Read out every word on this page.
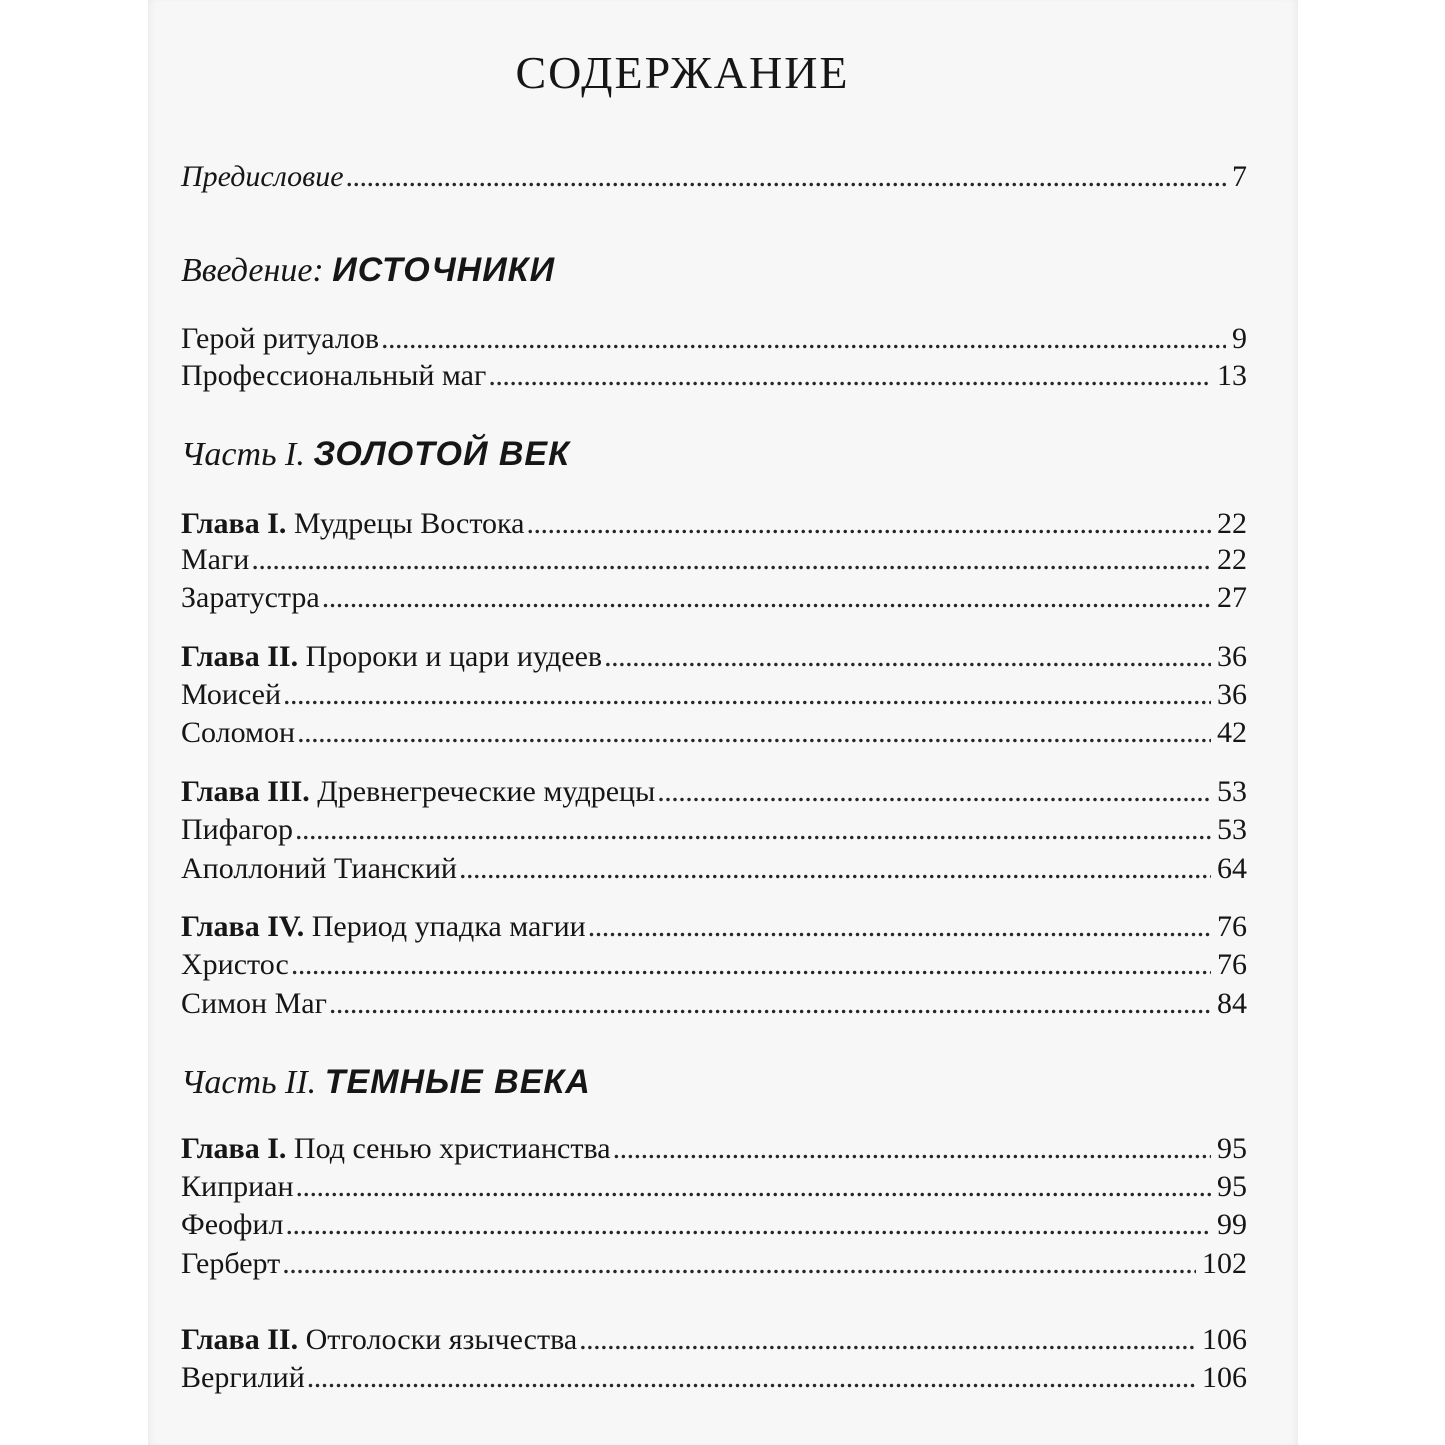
СОДЕРЖАНИЕ
Предисловие . . .	7
Введение: ИСТОЧНИКИ
Герой ритуалов . . .	9
Профессиональный маг . . .	13
Часть I. ЗОЛОТОЙ ВЕК
Глава I. Мудрецы Востока . . .	22
Маги . . .	22
Заратустра . . .	27
Глава II. Пророки и цари иудеев . . .	36
Моисей . . .	36
Соломон . . .	42
Глава III. Древнегреческие мудрецы . . .	53
Пифагор . . .	53
Аполлоний Тианский . . .	64
Глава IV. Период упадка магии . . .	76
Христос . . .	76
Симон Маг . . .	84
Часть II. ТЕМНЫЕ ВЕКА
Глава I. Под сенью христианства . . .	95
Киприан . . .	95
Феофил . . .	99
Герберт . . .	102
Глава II. Отголоски язычества . . .	106
Вергилий . . .	106
